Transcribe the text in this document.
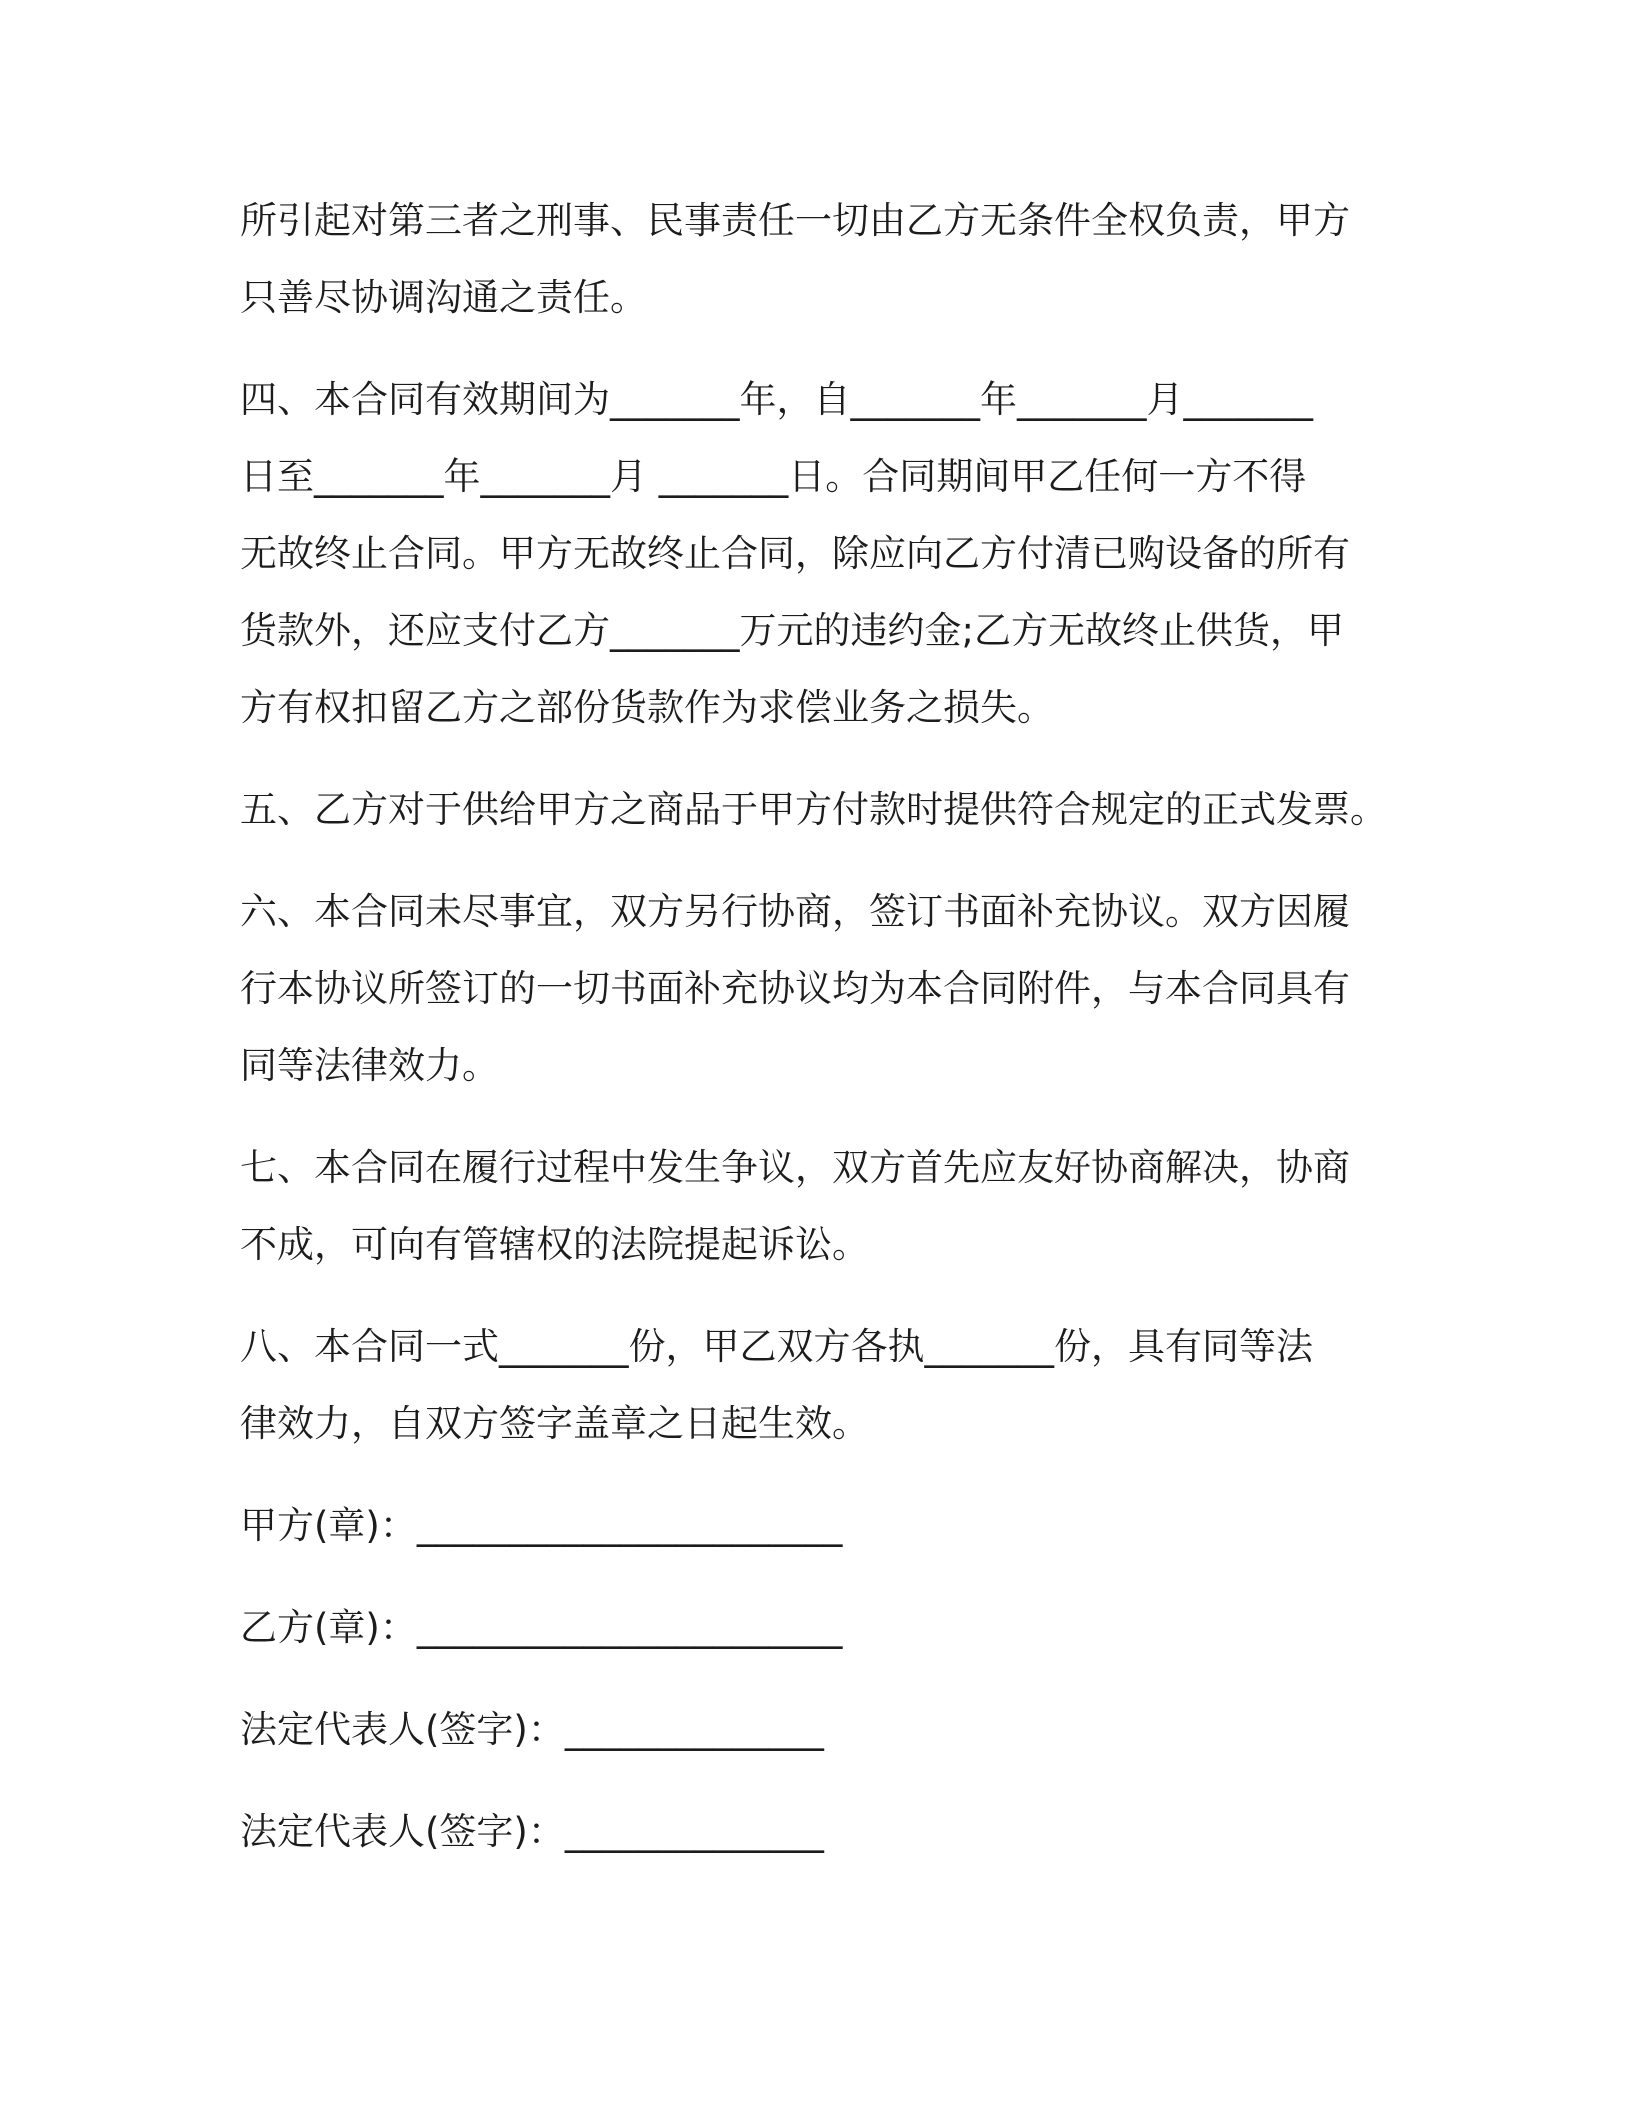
所引起对第三者之刑事、民事责任一切由乙方无条件全权负责，甲方

只善尽协调沟通之责任。

四、本合同有效期间为_______年，自_______年_______月_______

日至_______年_______月 _______日。合同期间甲乙任何一方不得

无故终止合同。甲方无故终止合同，除应向乙方付清已购设备的所有

货款外，还应支付乙方_______万元的违约金;乙方无故终止供货，甲

方有权扣留乙方之部份货款作为求偿业务之损失。

五、乙方对于供给甲方之商品于甲方付款时提供符合规定的正式发票。

六、本合同未尽事宜，双方另行协商，签订书面补充协议。双方因履

行本协议所签订的一切书面补充协议均为本合同附件，与本合同具有

同等法律效力。

七、本合同在履行过程中发生争议，双方首先应友好协商解决，协商

不成，可向有管辖权的法院提起诉讼。

八、本合同一式_______份，甲乙双方各执_______份，具有同等法

律效力，自双方签字盖章之日起生效。

甲方(章)：_______________________

乙方(章)：_______________________

法定代表人(签字)：______________

法定代表人(签字)：______________
